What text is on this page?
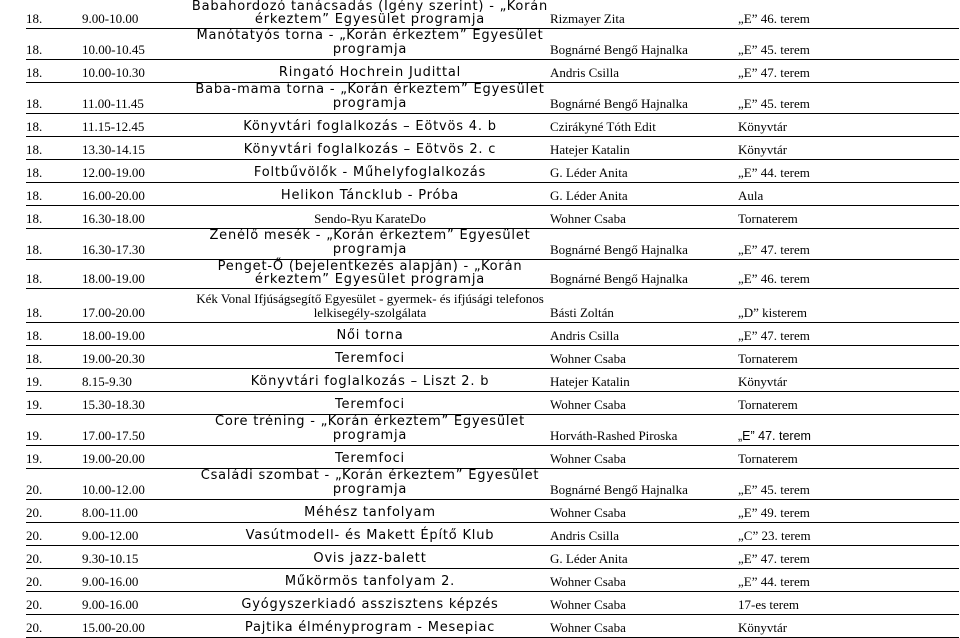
18.	9.00-10.00	Babahordozó tanácsadás (Igény szerint) - „Korán érkeztem” Egyesület programja	Rizmayer Zita	„E” 46. terem
18.	10.00-10.45	Manótatyós torna - „Korán érkeztem” Egyesület programja	Bognárné Bengő Hajnalka	„E” 45. terem
18.	10.00-10.30	Ringató Hochrein Judittal	Andris Csilla	„E” 47. terem
18.	11.00-11.45	Baba-mama torna - „Korán érkeztem” Egyesület programja	Bognárné Bengő Hajnalka	„E” 45. terem
18.	11.15-12.45	Könyvtári foglalkozás – Eötvös 4. b	Czirákyné Tóth Edit	Könyvtár
18.	13.30-14.15	Könyvtári foglalkozás – Eötvös 2. c	Hatejer Katalin	Könyvtár
18.	12.00-19.00	Foltbűvölők - Műhelyfoglalkozás	G. Léder Anita	„E” 44. terem
18.	16.00-20.00	Helikon Táncklub - Próba	G. Léder Anita	Aula
18.	16.30-18.00	Sendo-Ryu KarateDo	Wohner Csaba	Tornaterem
18.	16.30-17.30	Zenélő mesék - „Korán érkeztem” Egyesület programja	Bognárné Bengő Hajnalka	„E” 47. terem
18.	18.00-19.00	Penget-Ő (bejelentkezés alapján) - „Korán érkeztem” Egyesület programja	Bognárné Bengő Hajnalka	„E” 46. terem
18.	17.00-20.00	Kék Vonal Ifjúságsegítő Egyesület - gyermek- és ifjúsági telefonos lelkisegély-szolgálata	Básti Zoltán	„D” kisterem
18.	18.00-19.00	Női torna	Andris Csilla	„E” 47. terem
18.	19.00-20.30	Teremfoci	Wohner Csaba	Tornaterem
19.	8.15-9.30	Könyvtári foglalkozás – Liszt 2. b	Hatejer Katalin	Könyvtár
19.	15.30-18.30	Teremfoci	Wohner Csaba	Tornaterem
19.	17.00-17.50	Core tréning - „Korán érkeztem” Egyesület programja	Horváth-Rashed Piroska	„E” 47. terem
19.	19.00-20.00	Teremfoci	Wohner Csaba	Tornaterem
20.	10.00-12.00	Családi szombat - „Korán érkeztem” Egyesület programja	Bognárné Bengő Hajnalka	„E” 45. terem
20.	8.00-11.00	Méhész tanfolyam	Wohner Csaba	„E” 49. terem
20.	9.00-12.00	Vasútmodell- és Makett Építő Klub	Andris Csilla	„C” 23. terem
20.	9.30-10.15	Ovis jazz-balett	G. Léder Anita	„E” 47. terem
20.	9.00-16.00	Műkörmös tanfolyam 2.	Wohner Csaba	„E” 44. terem
20.	9.00-16.00	Gyógyszerkiadó asszisztens képzés	Wohner Csaba	17-es terem
20.	15.00-20.00	Pajtika élményprogram - Mesepiac	Wohner Csaba	Könyvtár
